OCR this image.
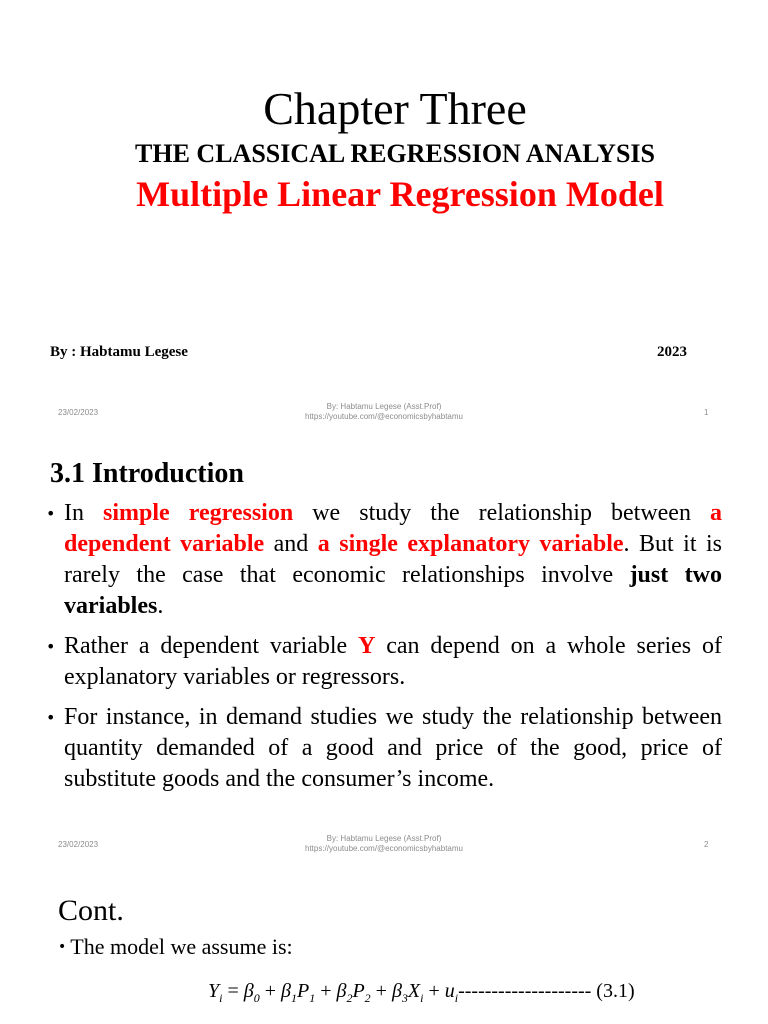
Chapter Three
THE CLASSICAL REGRESSION ANALYSIS
Multiple Linear Regression Model
By : Habtamu Legese	2023
23/02/2023
By: Habtamu Legese (Asst.Prof)
https://youtube.com/@economicsbyhabtamu	1
3.1 Introduction
• In simple regression we study the relationship between a dependent variable and a single explanatory variable. But it is rarely the case that economic relationships involve just two variables.
• Rather a dependent variable Y can depend on a whole series of explanatory variables or regressors.
• For instance, in demand studies we study the relationship between quantity demanded of a good and price of the good, price of substitute goods and the consumer’s income.
23/02/2023
By: Habtamu Legese (Asst.Prof)
https://youtube.com/@economicsbyhabtamu	2
Cont.
• The model we assume is:
$Y_i = \beta_0 + \beta_1P_1 + \beta_2P_2 + \beta_3X_i + u_i--------------------$ (3.1)
